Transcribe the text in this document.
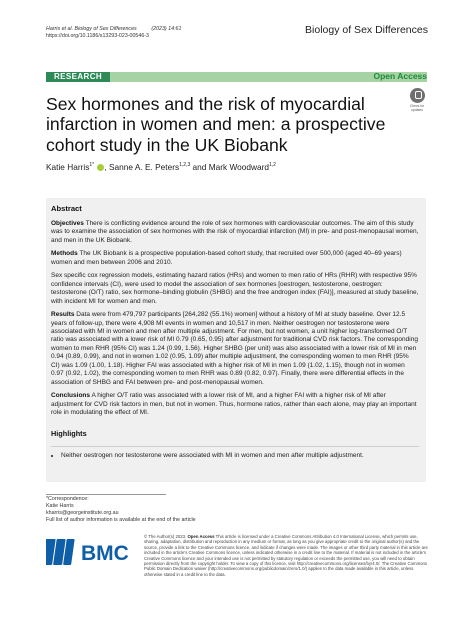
Harris et al. Biology of Sex Differences          (2023) 14:61
https://doi.org/10.1186/s13293-023-00546-3	Biology of Sex Differences
RESEARCH	Open Access
Check for
updates
Sex hormones and the risk of myocardial infarction in women and men: a prospective cohort study in the UK Biobank
Katie Harris$^{1*}$ , Sanne A. E. Peters$^{1,2,3}$ and Mark Woodward$^{1,2}$
Abstract

Objectives There is conflicting evidence around the role of sex hormones with cardiovascular outcomes. The aim of this study was to examine the association of sex hormones with the risk of myocardial infarction (MI) in pre- and post-menopausal women, and men in the UK Biobank.

Methods The UK Biobank is a prospective population-based cohort study, that recruited over 500,000 (aged 40–69 years) women and men between 2006 and 2010.

Sex specific cox regression models, estimating hazard ratios (HRs) and women to men ratio of HRs (RHR) with respective 95% confidence intervals (CI), were used to model the association of sex hormones [oestrogen, testosterone, oestrogen: testosterone (O/T) ratio, sex hormone–binding globulin (SHBG) and the free androgen index (FAI)], measured at study baseline, with incident MI for women and men.

Results Data were from 479,797 participants [264,282 (55.1%) women] without a history of MI at study baseline. Over 12.5 years of follow-up, there were 4,908 MI events in women and 10,517 in men. Neither oestrogen nor testosterone were associated with MI in women and men after multiple adjustment. For men, but not women, a unit higher log-transformed O/T ratio was associated with a lower risk of MI 0.79 (0.65, 0.95) after adjustment for traditional CVD risk factors. The corresponding women to men RHR (95% CI) was 1.24 (0.99, 1.56). Higher SHBG (per unit) was also associated with a lower risk of MI in men 0.94 (0.89, 0.99), and not in women 1.02 (0.95, 1.09) after multiple adjustment, the corresponding women to men RHR (95% CI) was 1.09 (1.00, 1.18). Higher FAI was associated with a higher risk of MI in men 1.09 (1.02, 1.15), though not in women 0.97 (0.92, 1.02), the corresponding women to men RHR was 0.89 (0.82, 0.97). Finally, there were differential effects in the association of SHBG and FAI between pre- and post-menopausal women.

Conclusions A higher O/T ratio was associated with a lower risk of MI, and a higher FAI with a higher risk of MI after adjustment for CVD risk factors in men, but not in women. Thus, hormone ratios, rather than each alone, may play an important role in modulating the effect of MI.

Highlights
• Neither oestrogen nor testosterone were associated with MI in women and men after multiple adjustment.
*Correspondence:
Katie Harris
kharris@georgeinstitute.org.au
Full list of author information is available at the end of the article
BMC
© The Author(s) 2023. Open Access This article is licensed under a Creative Commons Attribution 4.0 International License, which permits use, sharing, adaptation, distribution and reproduction in any medium or format, as long as you give appropriate credit to the original author(s) and the source, provide a link to the Creative Commons licence, and indicate if changes were made. The images or other third party material in this article are included in the article's Creative Commons licence, unless indicated otherwise in a credit line to the material. If material is not included in the article's Creative Commons licence and your intended use is not permitted by statutory regulation or exceeds the permitted use, you will need to obtain permission directly from the copyright holder. To view a copy of this licence, visit http://creativecommons.org/licenses/by/4.0/. The Creative Commons Public Domain Dedication waiver (http://creativecommons.org/publicdomain/zero/1.0/) applies to the data made available in this article, unless otherwise stated in a credit line to the data.
